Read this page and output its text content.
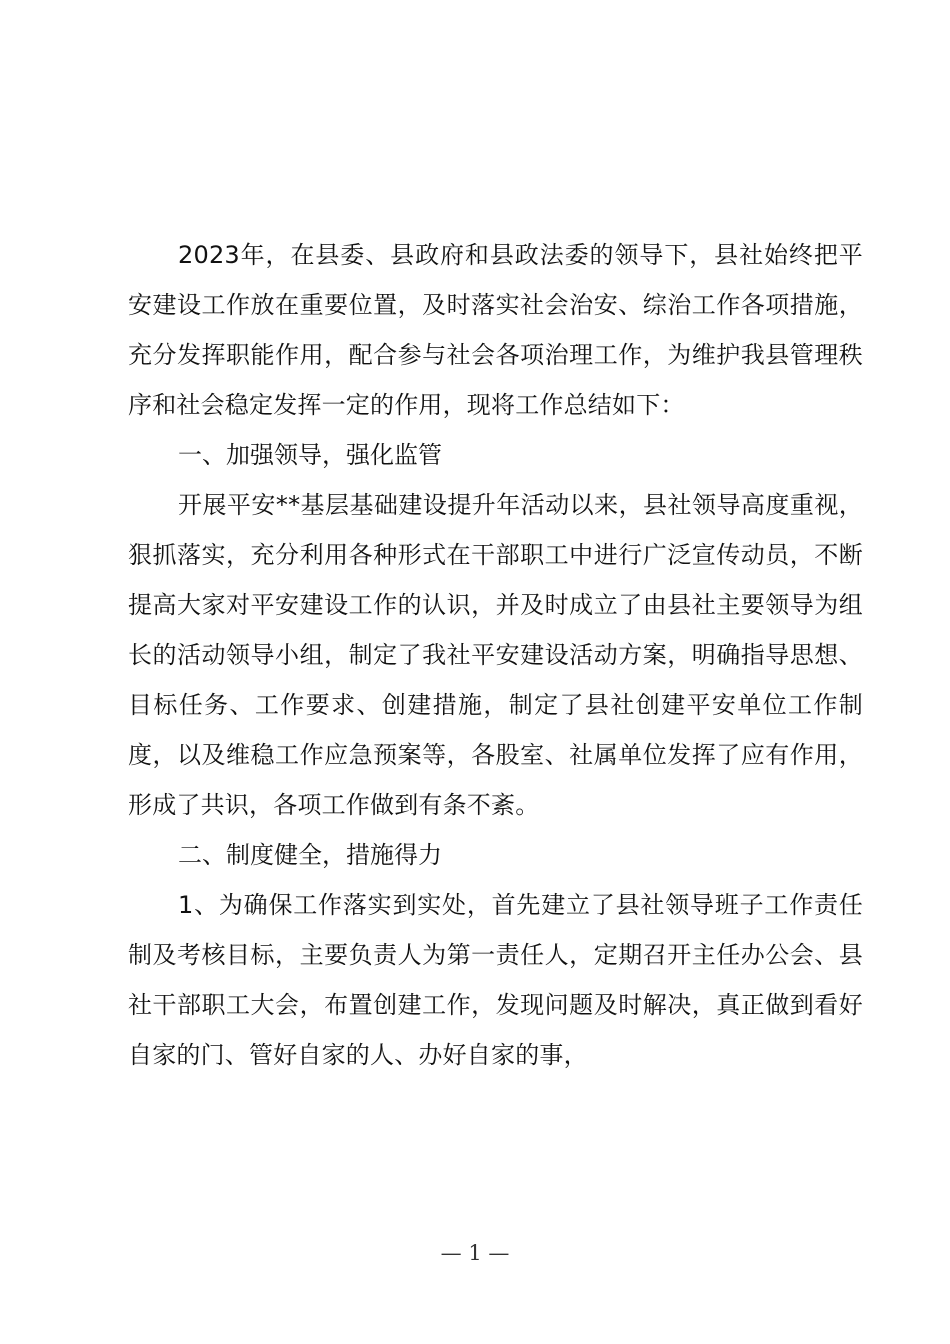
2023年，在县委、县政府和县政法委的领导下，县社始终把平安建设工作放在重要位置，及时落实社会治安、综治工作各项措施，充分发挥职能作用，配合参与社会各项治理工作，为维护我县管理秩序和社会稳定发挥一定的作用，现将工作总结如下：

一、加强领导，强化监管

开展平安**基层基础建设提升年活动以来，县社领导高度重视，狠抓落实，充分利用各种形式在干部职工中进行广泛宣传动员，不断提高大家对平安建设工作的认识，并及时成立了由县社主要领导为组长的活动领导小组，制定了我社平安建设活动方案，明确指导思想、目标任务、工作要求、创建措施，制定了县社创建平安单位工作制度，以及维稳工作应急预案等，各股室、社属单位发挥了应有作用，形成了共识，各项工作做到有条不紊。

二、制度健全，措施得力

1、为确保工作落实到实处，首先建立了县社领导班子工作责任制及考核目标，主要负责人为第一责任人，定期召开主任办公会、县社干部职工大会，布置创建工作，发现问题及时解决，真正做到看好自家的门、管好自家的人、办好自家的事，

— 1 —
